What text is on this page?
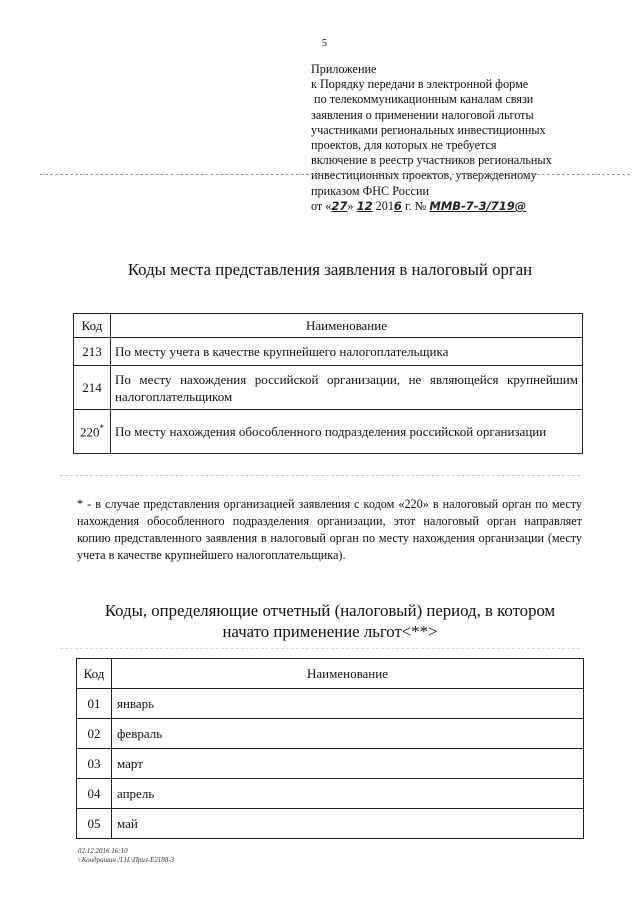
5
Приложение
к Порядку передачи в электронной форме
по телекоммуникационным каналам связи
заявления о применении налоговой льготы
участниками региональных инвестиционных
проектов, для которых не требуется
включение в реестр участников региональных
инвестиционных проектов, утвержденному
приказом ФНС России
от «27» 12 2016 г. № ММВ-7-3/719@
Коды места представления заявления в налоговый орган
Код	Наименование
213	По месту учета в качестве крупнейшего налогоплательщика
214	По месту нахождения российской организации, не являющейся крупнейшим налогоплательщиком
220*	По месту нахождения обособленного подразделения российской организации
* - в случае представления организацией заявления с кодом «220» в налоговый орган по месту нахождения обособленного подразделения организации, этот налоговый орган направляет копию представленного заявления в налоговый орган по месту нахождения организации (месту учета в качестве крупнейшего налогоплательщика).
Коды, определяющие отчетный (налоговый) период, в котором
начато применение льгот<**>
Код	Наименование
01	январь
02	февраль
03	март
04	апрель
05	май
02.12.2016 16:10
\ Кондрашин Л.Н.\Приз-Е2188-3
